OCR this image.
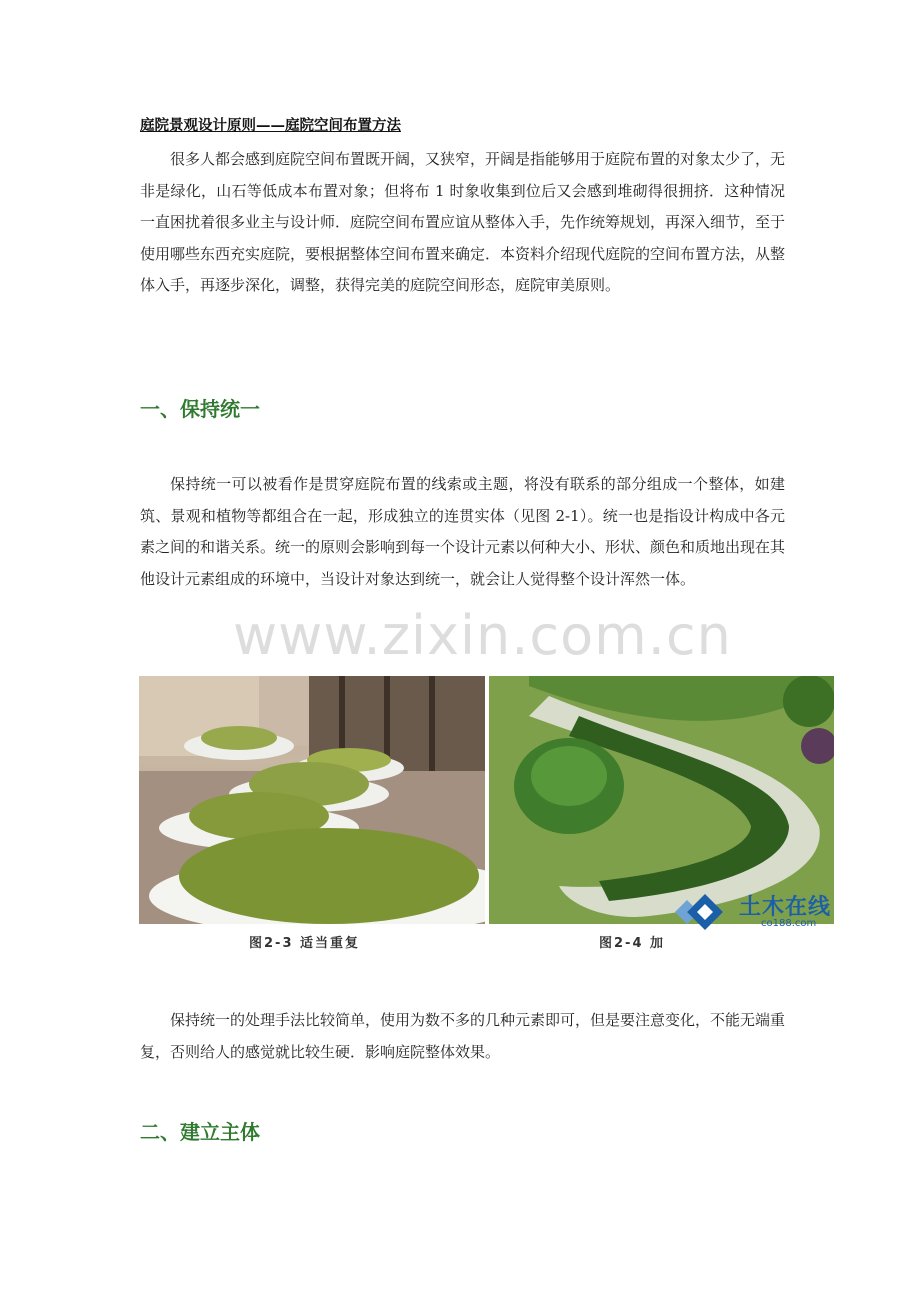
庭院景观设计原则——庭院空间布置方法

很多人都会感到庭院空间布置既开阔，又狭窄，开阔是指能够用于庭院布置的对象太少了，无非是绿化，山石等低成本布置对象；但将布 1 时象收集到位后又会感到堆砌得很拥挤．这种情况一直困扰着很多业主与设计师．庭院空间布置应谊从整体入手，先作统筹规划，再深入细节，至于使用哪些东西充实庭院，要根据整体空间布置来确定．本资料介绍现代庭院的空间布置方法，从整体入手，再逐步深化，调整，获得完美的庭院空间形态，庭院审美原则。

一、保持统一

保持统一可以被看作是贯穿庭院布置的线索或主题，将没有联系的部分组成一个整体，如建筑、景观和植物等都组合在一起，形成独立的连贯实体（见图 2-1）。统一也是指设计构成中各元素之间的和谐关系。统一的原则会影响到每一个设计元素以何种大小、形状、颜色和质地出现在其他设计元素组成的环境中，当设计对象达到统一，就会让人觉得整个设计浑然一体。

www.zixin.com.cn
图2-3 适当重复	图2-4 加
土木在线
co188.com

保持统一的处理手法比较简单，使用为数不多的几种元素即可，但是要注意变化，不能无端重复，否则给人的感觉就比较生硬．影响庭院整体效果。

二、建立主体
